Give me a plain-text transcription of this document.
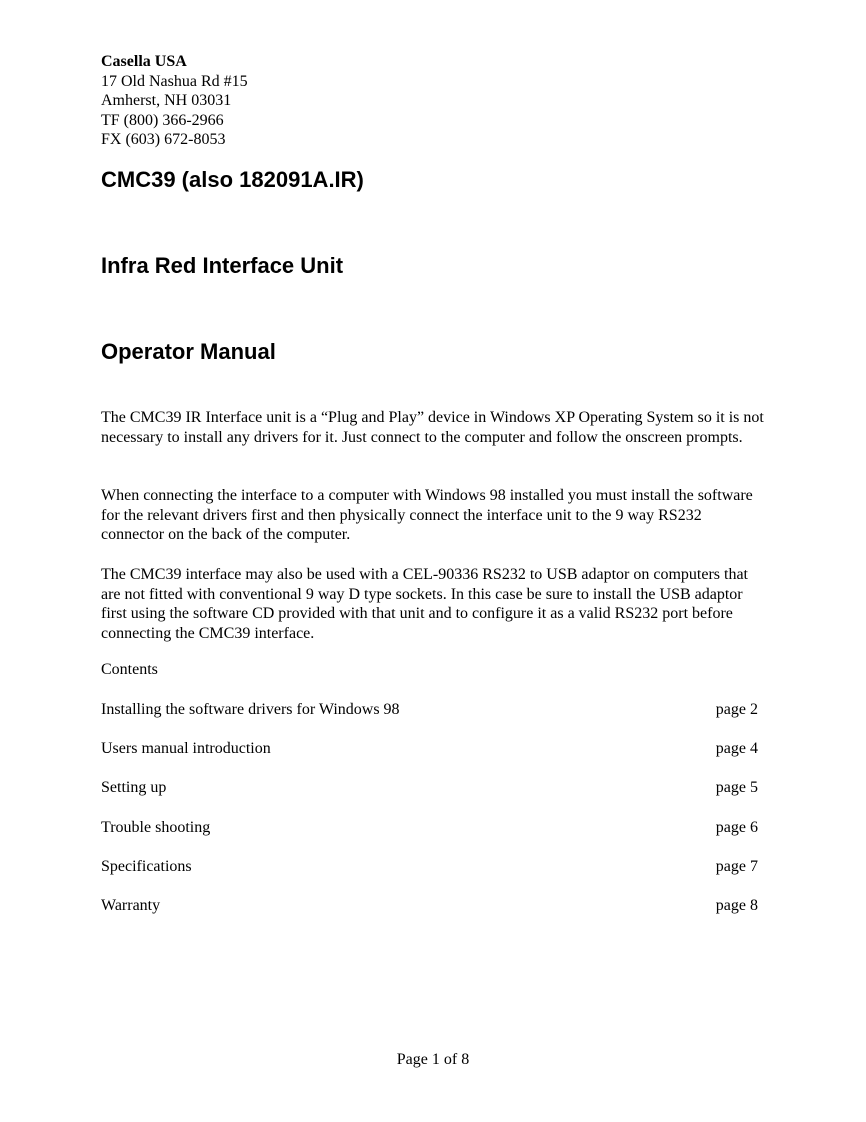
Casella USA
17 Old Nashua Rd #15
Amherst, NH 03031
TF (800) 366-2966
FX (603) 672-8053
CMC39 (also 182091A.IR)
Infra Red Interface Unit
Operator Manual

The CMC39 IR Interface unit is a “Plug and Play” device in Windows XP Operating System so it is not necessary to install any drivers for it. Just connect to the computer and follow the onscreen prompts.

When connecting the interface to a computer with Windows 98 installed you must install the software for the relevant drivers first and then physically connect the interface unit to the 9 way RS232 connector on the back of the computer.

The CMC39 interface may also be used with a CEL-90336 RS232 to USB adaptor on computers that are not fitted with conventional 9 way D type sockets. In this case be sure to install the USB adaptor first using the software CD provided with that unit and to configure it as a valid RS232 port before connecting the CMC39 interface.

Contents
Installing the software drivers for Windows 98	page 2
Users manual introduction	page 4
Setting up	page 5
Trouble shooting	page 6
Specifications	page 7
Warranty	page 8
Page 1 of 8
